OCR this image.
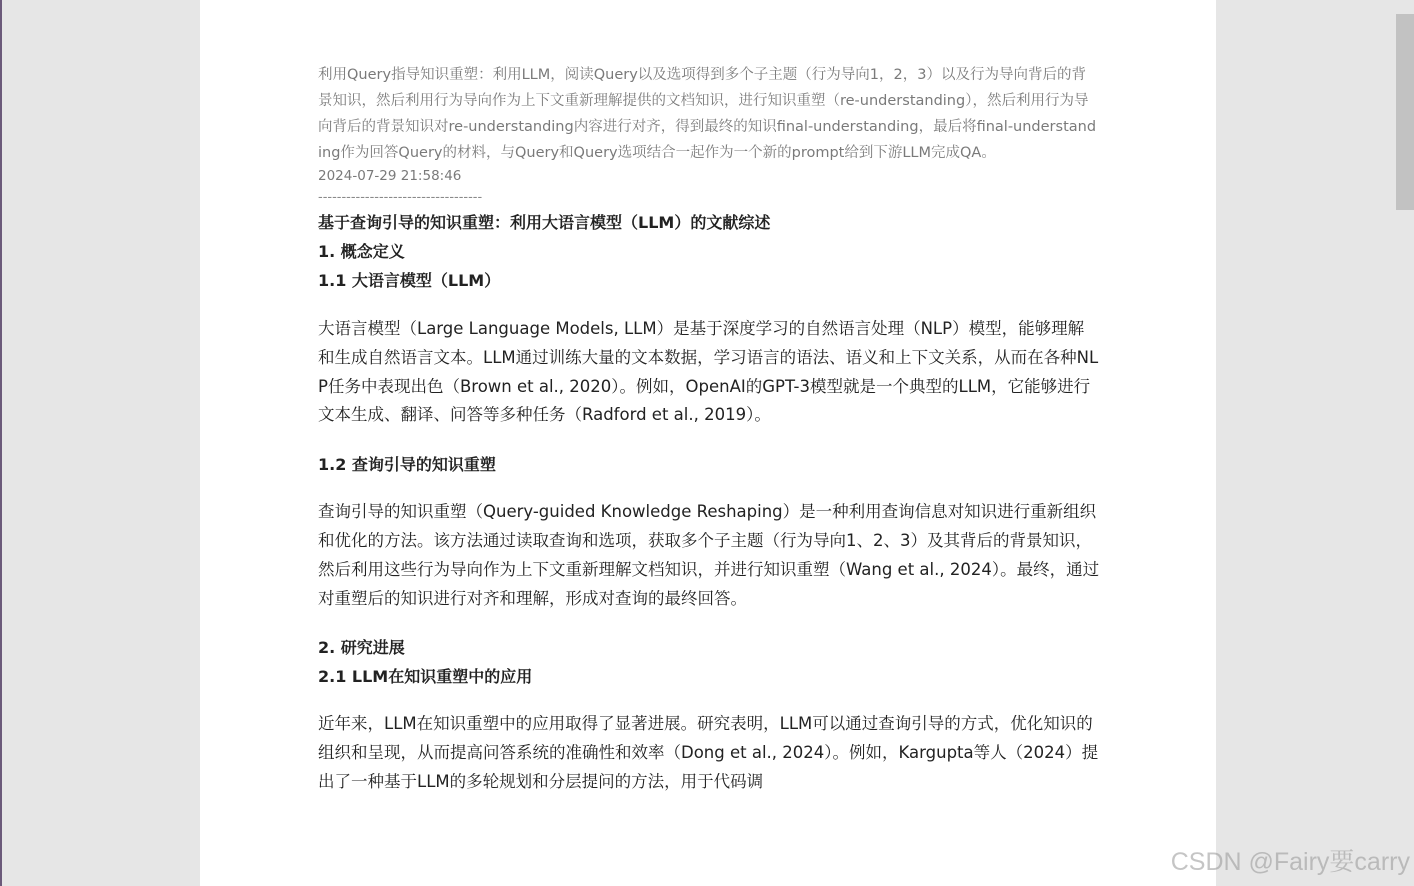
利用Query指导知识重塑：利用LLM，阅读Query以及选项得到多个子主题（行为导向1，2，3）以及行为导向背后的背景知识，然后利用行为导向作为上下文重新理解提供的文档知识，进行知识重塑（re-understanding），然后利用行为导向背后的背景知识对re-understanding内容进行对齐，得到最终的知识final-understanding，最后将final-understanding作为回答Query的材料，与Query和Query选项结合一起作为一个新的prompt给到下游LLM完成QA。

2024-07-29 21:58:46

-----------------------------------

基于查询引导的知识重塑：利用大语言模型（LLM）的文献综述

1. 概念定义

1.1 大语言模型（LLM）

大语言模型（Large Language Models, LLM）是基于深度学习的自然语言处理（NLP）模型，能够理解和生成自然语言文本。LLM通过训练大量的文本数据，学习语言的语法、语义和上下文关系，从而在各种NLP任务中表现出色（Brown et al., 2020）。例如，OpenAI的GPT-3模型就是一个典型的LLM，它能够进行文本生成、翻译、问答等多种任务（Radford et al., 2019）。

1.2 查询引导的知识重塑

查询引导的知识重塑（Query-guided Knowledge Reshaping）是一种利用查询信息对知识进行重新组织和优化的方法。该方法通过读取查询和选项，获取多个子主题（行为导向1、2、3）及其背后的背景知识，然后利用这些行为导向作为上下文重新理解文档知识，并进行知识重塑（Wang et al., 2024）。最终，通过对重塑后的知识进行对齐和理解，形成对查询的最终回答。

2. 研究进展

2.1 LLM在知识重塑中的应用

近年来，LLM在知识重塑中的应用取得了显著进展。研究表明，LLM可以通过查询引导的方式，优化知识的组织和呈现，从而提高问答系统的准确性和效率（Dong et al., 2024）。例如，Kargupta等人（2024）提出了一种基于LLM的多轮规划和分层提问的方法，用于代码调

CSDN @Fairy要carry
